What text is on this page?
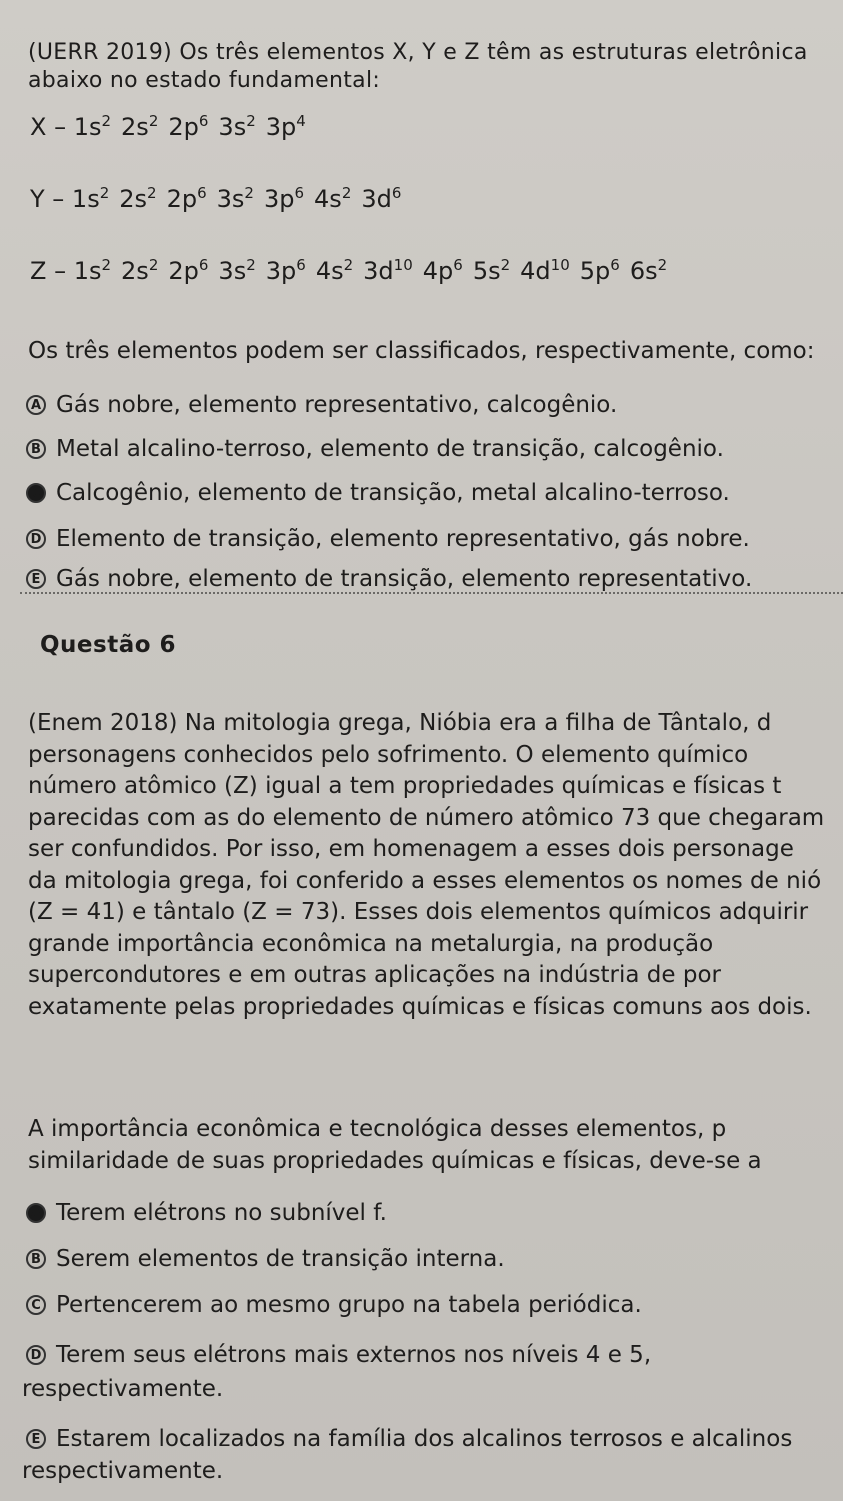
(UERR 2019) Os três elementos X, Y e Z têm as estruturas eletrônica
abaixo no estado fundamental:
X – $1s^2$ $2s^2$ $2p^6$ $3s^2$ $3p^4$
Y – $1s^2$ $2s^2$ $2p^6$ $3s^2$ $3p^6$ $4s^2$ $3d^6$
Z – $1s^2$ $2s^2$ $2p^6$ $3s^2$ $3p^6$ $4s^2$ $3d^{10}$ $4p^6$ $5s^2$ $4d^{10}$ $5p^6$ $6s^2$
Os três elementos podem ser classificados, respectivamente, como:
A Gás nobre, elemento representativo, calcogênio.
B Metal alcalino-terroso, elemento de transição, calcogênio.
C Calcogênio, elemento de transição, metal alcalino-terroso.
D Elemento de transição, elemento representativo, gás nobre.
E Gás nobre, elemento de transição, elemento representativo.
Questão 6
(Enem 2018) Na mitologia grega, Nióbia era a filha de Tântalo, d
personagens conhecidos pelo sofrimento. O elemento químico
número atômico (Z) igual a tem propriedades químicas e físicas t
parecidas com as do elemento de número atômico 73 que chegaram
ser confundidos. Por isso, em homenagem a esses dois personage
da mitologia grega, foi conferido a esses elementos os nomes de nió
(Z = 41) e tântalo (Z = 73). Esses dois elementos químicos adquirir
grande importância econômica na metalurgia, na produção
supercondutores e em outras aplicações na indústria de por
exatamente pelas propriedades químicas e físicas comuns aos dois.
A importância econômica e tecnológica desses elementos, p
similaridade de suas propriedades químicas e físicas, deve-se a
A Terem elétrons no subnível f.
B Serem elementos de transição interna.
C Pertencerem ao mesmo grupo na tabela periódica.
D Terem seus elétrons mais externos nos níveis 4 e 5,
respectivamente.
E Estarem localizados na família dos alcalinos terrosos e alcalinos
respectivamente.
